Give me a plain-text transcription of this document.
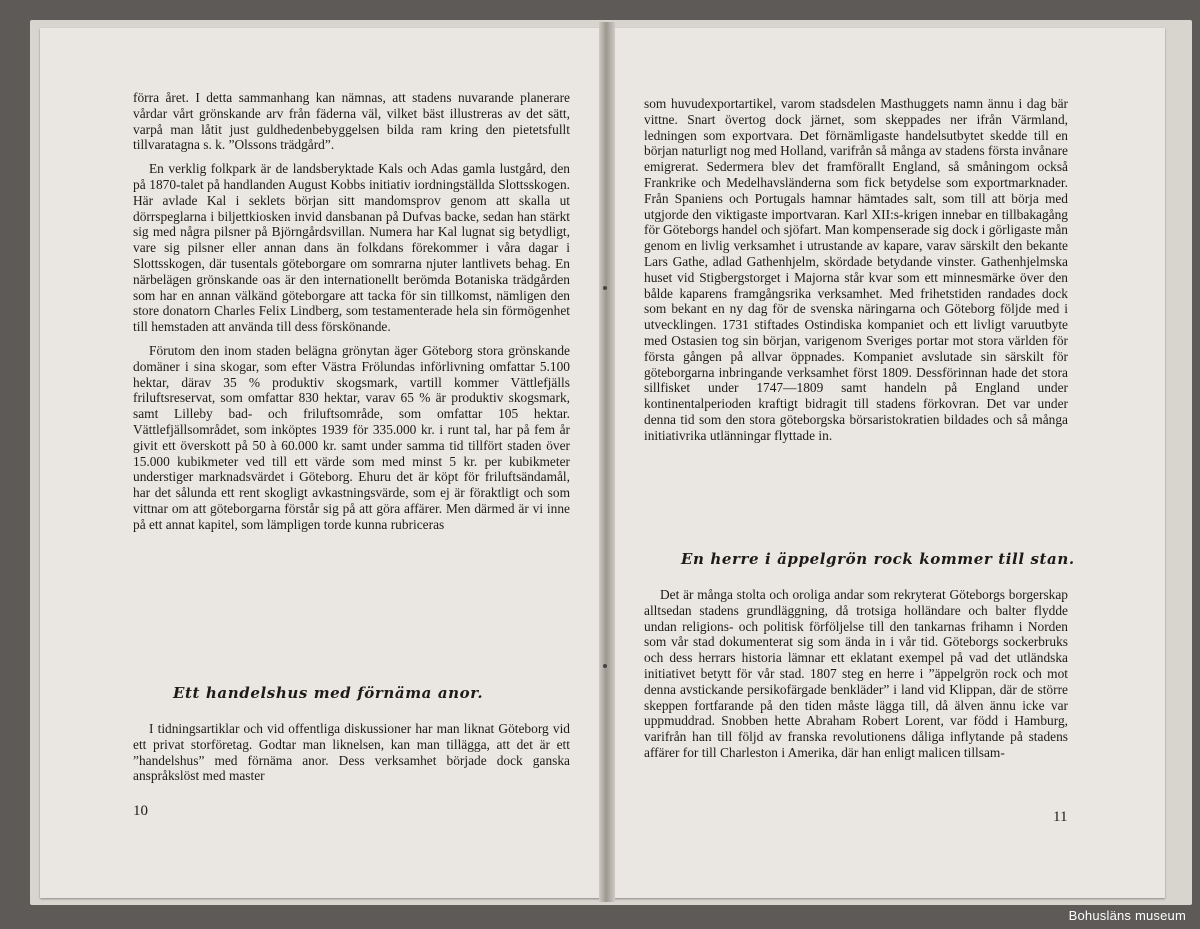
förra året. I detta sammanhang kan nämnas, att stadens nuvarande planerare vårdar vårt grönskande arv från fäderna väl, vilket bäst illustreras av det sätt, varpå man låtit just guldhedenbebyggelsen bilda ram kring den pietetsfullt tillvaratagna s. k. ”Olssons trädgård”.

En verklig folkpark är de landsberyktade Kals och Adas gamla lustgård, den på 1870-talet på handlanden August Kobbs initiativ iordningställda Slottsskogen. Här avlade Kal i seklets början sitt mandomsprov genom att skalla ut dörrspeglarna i biljettkiosken invid dansbanan på Dufvas backe, sedan han stärkt sig med några pilsner på Björngårdsvillan. Numera har Kal lugnat sig betydligt, vare sig pilsner eller annan dans än folkdans förekommer i våra dagar i Slottsskogen, där tusentals göteborgare om somrarna njuter lantlivets behag. En närbelägen grönskande oas är den internationellt berömda Botaniska trädgården som har en annan välkänd göteborgare att tacka för sin tillkomst, nämligen den store donatorn Charles Felix Lindberg, som testamenterade hela sin förmögenhet till hemstaden att använda till dess förskönande.

Förutom den inom staden belägna grönytan äger Göteborg stora grönskande domäner i sina skogar, som efter Västra Frölundas införlivning omfattar 5.100 hektar, därav 35 % produktiv skogsmark, vartill kommer Vättlefjälls friluftsreservat, som omfattar 830 hektar, varav 65 % är produktiv skogsmark, samt Lilleby bad- och friluftsområde, som omfattar 105 hektar. Vättlefjällsområdet, som inköptes 1939 för 335.000 kr. i runt tal, har på fem år givit ett överskott på 50 à 60.000 kr. samt under samma tid tillfört staden över 15.000 kubikmeter ved till ett värde som med minst 5 kr. per kubikmeter understiger marknadsvärdet i Göteborg. Ehuru det är köpt för friluftsändamål, har det sålunda ett rent skogligt avkastningsvärde, som ej är föraktligt och som vittnar om att göteborgarna förstår sig på att göra affärer. Men därmed är vi inne på ett annat kapitel, som lämpligen torde kunna rubriceras

Ett handelshus med förnäma anor.

I tidningsartiklar och vid offentliga diskussioner har man liknat Göteborg vid ett privat storföretag. Godtar man liknelsen, kan man tillägga, att det är ett ”handelshus” med förnäma anor. Dess verksamhet började dock ganska anspråkslöst med master

10

som huvudexportartikel, varom stadsdelen Masthuggets namn ännu i dag bär vittne. Snart övertog dock järnet, som skeppades ner ifrån Värmland, ledningen som exportvara. Det förnämligaste handelsutbytet skedde till en början naturligt nog med Holland, varifrån så många av stadens första invånare emigrerat. Sedermera blev det framförallt England, så småningom också Frankrike och Medelhavsländerna som fick betydelse som exportmarknader. Från Spaniens och Portugals hamnar hämtades salt, som till att börja med utgjorde den viktigaste importvaran. Karl XII:s-krigen innebar en tillbakagång för Göteborgs handel och sjöfart. Man kompenserade sig dock i görligaste mån genom en livlig verksamhet i utrustande av kapare, varav särskilt den bekante Lars Gathe, adlad Gathenhjelm, skördade betydande vinster. Gathenhjelmska huset vid Stigbergstorget i Majorna står kvar som ett minnesmärke över den bålde kaparens framgångsrika verksamhet. Med frihetstiden randades dock som bekant en ny dag för de svenska näringarna och Göteborg följde med i utvecklingen. 1731 stiftades Ostindiska kompaniet och ett livligt varuutbyte med Ostasien tog sin början, varigenom Sveriges portar mot stora världen för första gången på allvar öppnades. Kompaniet avslutade sin särskilt för göteborgarna inbringande verksamhet först 1809. Dessförinnan hade det stora sillfisket under 1747—1809 samt handeln på England under kontinentalperioden kraftigt bidragit till stadens förkovran. Det var under denna tid som den stora göteborgska börsaristokratien bildades och så många initiativrika utlänningar flyttade in.

En herre i äppelgrön rock kommer till stan.

Det är många stolta och oroliga andar som rekryterat Göteborgs borgerskap alltsedan stadens grundläggning, då trotsiga holländare och balter flydde undan religions- och politisk förföljelse till den tankarnas frihamn i Norden som vår stad dokumenterat sig som ända in i vår tid. Göteborgs sockerbruks och dess herrars historia lämnar ett eklatant exempel på vad det utländska initiativet betytt för vår stad. 1807 steg en herre i ”äppelgrön rock och mot denna avstickande persikofärgade benkläder” i land vid Klippan, där de större skeppen fortfarande på den tiden måste lägga till, då älven ännu icke var uppmuddrad. Snobben hette Abraham Robert Lorent, var född i Hamburg, varifrån han till följd av franska revolutionens dåliga inflytande på stadens affärer for till Charleston i Amerika, där han enligt malicen tillsam-

11
Bohusläns museum
